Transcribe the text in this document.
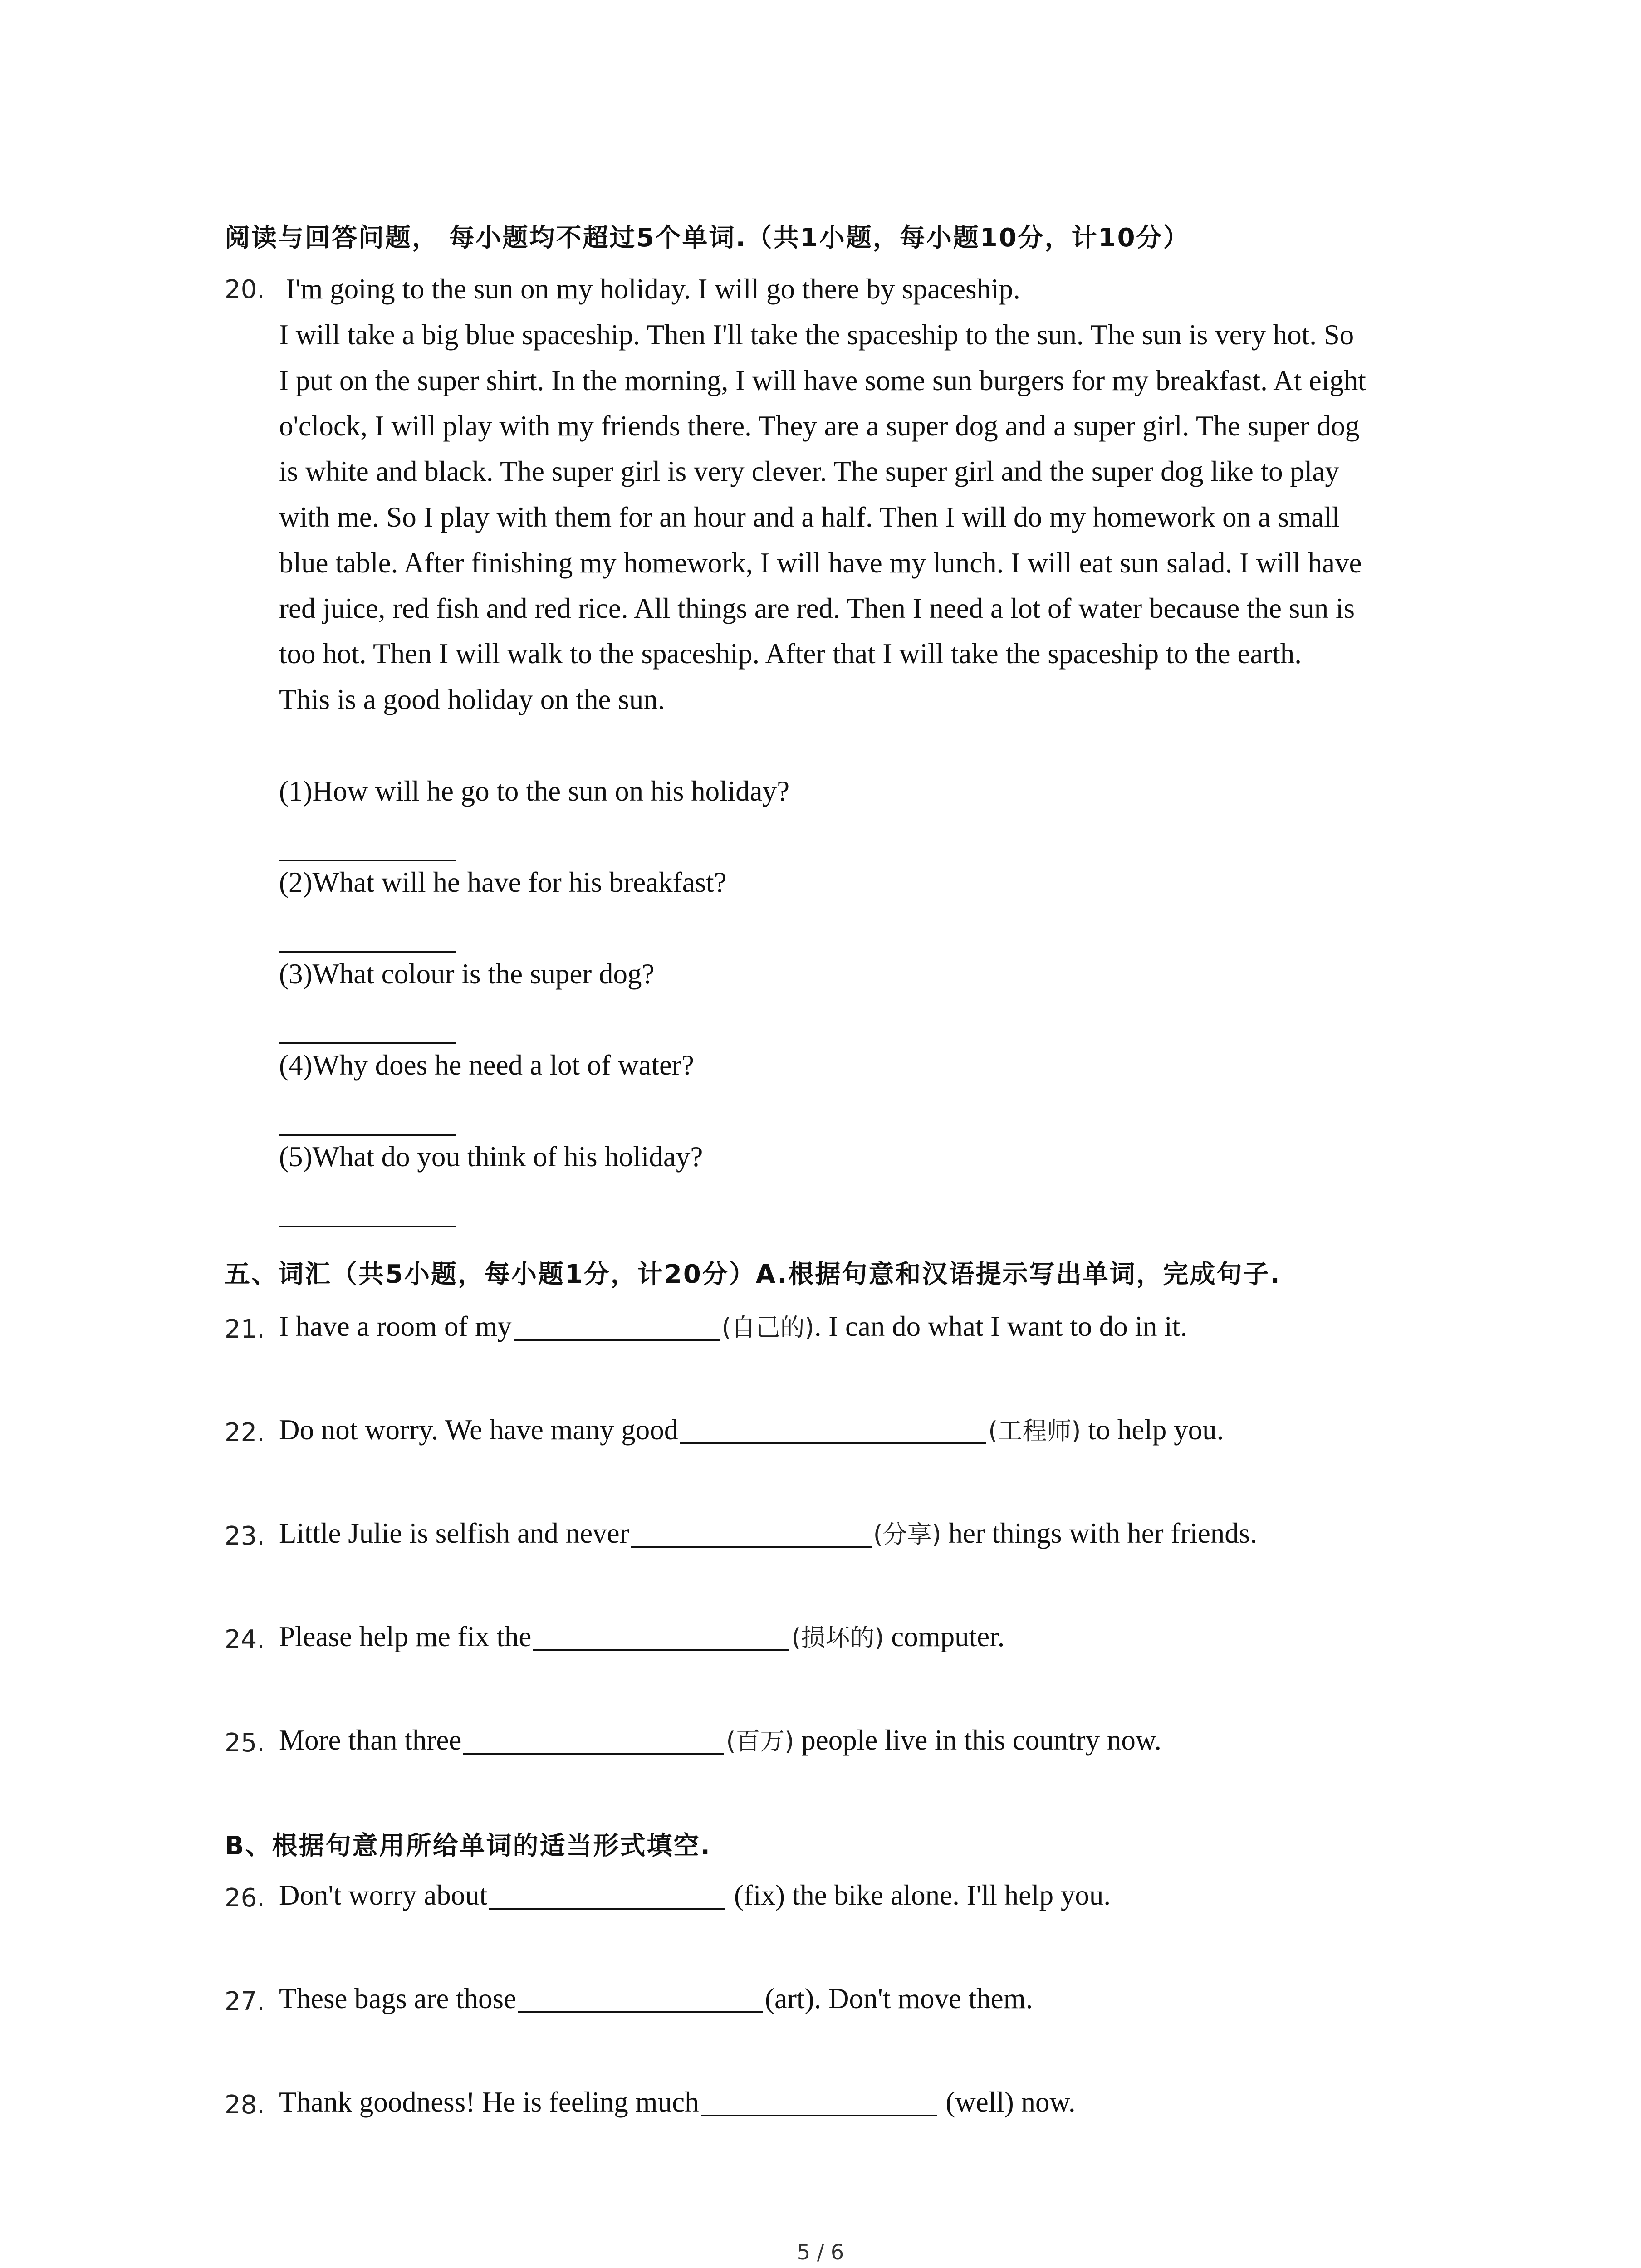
阅读与回答问题， 每小题均不超过5个单词.（共1小题，每小题10分，计10分）
20. I'm going to the sun on my holiday. I will go there by spaceship.
I will take a big blue spaceship. Then I'll take the spaceship to the sun. The sun is very hot. So
I put on the super shirt. In the morning, I will have some sun burgers for my breakfast. At eight
o'clock, I will play with my friends there. They are a super dog and a super girl. The super dog
is white and black. The super girl is very clever. The super girl and the super dog like to play
with me. So I play with them for an hour and a half. Then I will do my homework on a small
blue table. After finishing my homework, I will have my lunch. I will eat sun salad. I will have
red juice, red fish and red rice. All things are red. Then I need a lot of water because the sun is
too hot. Then I will walk to the spaceship. After that I will take the spaceship to the earth.
This is a good holiday on the sun.
(1)How will he go to the sun on his holiday?
(2)What will he have for his breakfast?
(3)What colour is the super dog?
(4)Why does he need a lot of water?
(5)What do you think of his holiday?
五、词汇（共5小题，每小题1分，计20分）A.根据句意和汉语提示写出单词，完成句子.
21. I have a room of my	(自己的). I can do what I want to do in it.
22. Do not worry. We have many good	(工程师) to help you.
23. Little Julie is selfish and never	(分享) her things with her friends.
24. Please help me fix the	(损坏的) computer.
25. More than three	(百万) people live in this country now.
B、根据句意用所给单词的适当形式填空.
26. Don't worry about	(fix) the bike alone. I'll help you.
27. These bags are those	(art). Don't move them.
28. Thank goodness! He is feeling much	(well) now.
5 / 6
